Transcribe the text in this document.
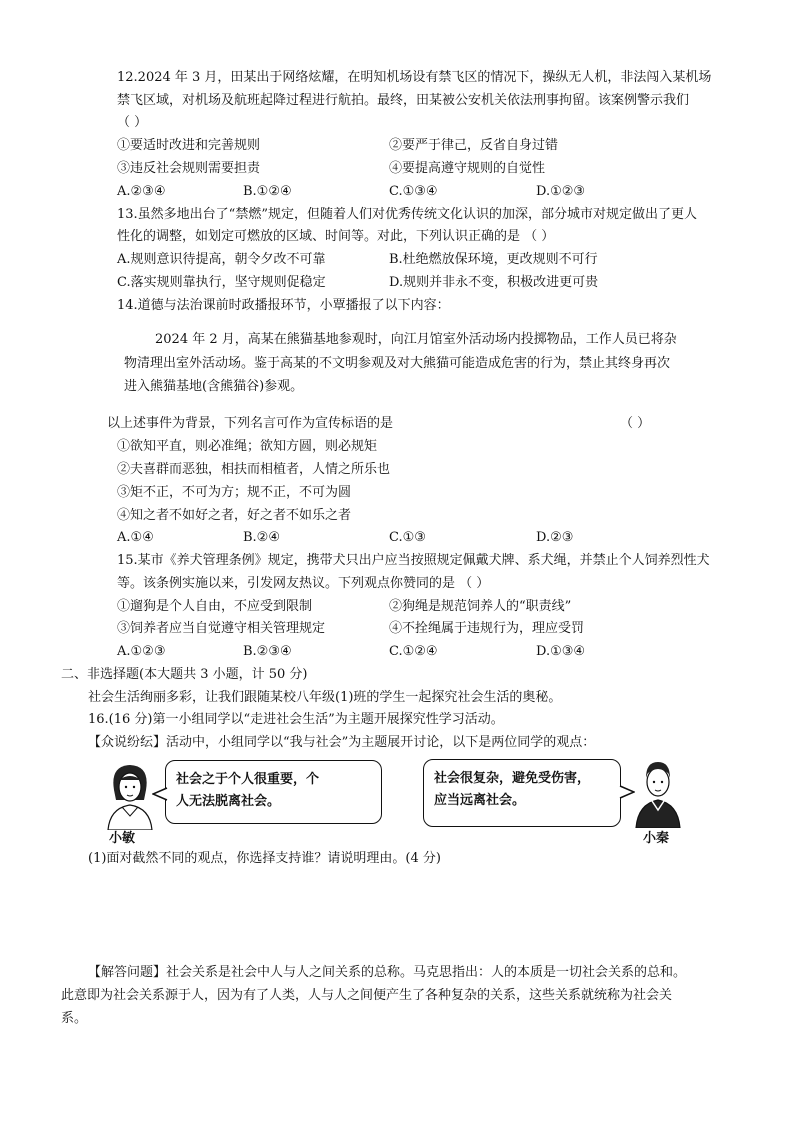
12.2024 年 3 月，田某出于网络炫耀，在明知机场设有禁飞区的情况下，操纵无人机，非法闯入某机场
禁飞区域，对机场及航班起降过程进行航拍。最终，田某被公安机关依法刑事拘留。该案例警示我们
（ ）
①要适时改进和完善规则	②要严于律己，反省自身过错
③违反社会规则需要担责	④要提高遵守规则的自觉性
A.②③④	B.①②④	C.①③④	D.①②③
13.虽然多地出台了“禁燃”规定，但随着人们对优秀传统文化认识的加深，部分城市对规定做出了更人
性化的调整，如划定可燃放的区域、时间等。对此，下列认识正确的是 （ ）
A.规则意识待提高，朝令夕改不可靠	B.杜绝燃放保环境，更改规则不可行
C.落实规则靠执行，坚守规则促稳定	D.规则并非永不变，积极改进更可贵
14.道德与法治课前时政播报环节，小覃播报了以下内容：
2024 年 2 月，高某在熊猫基地参观时，向江月馆室外活动场内投掷物品，工作人员已将杂
物清理出室外活动场。鉴于高某的不文明参观及对大熊猫可能造成危害的行为，禁止其终身再次
进入熊猫基地(含熊猫谷)参观。
以上述事件为背景，下列名言可作为宣传标语的是	（ ）
①欲知平直，则必准绳；欲知方圆，则必规矩
②夫喜群而恶独，相扶而相植者，人情之所乐也
③矩不正，不可为方；规不正，不可为圆
④知之者不如好之者，好之者不如乐之者
A.①④	B.②④	C.①③	D.②③
15.某市《养犬管理条例》规定，携带犬只出户应当按照规定佩戴犬牌、系犬绳，并禁止个人饲养烈性犬
等。该条例实施以来，引发网友热议。下列观点你赞同的是 （ ）
①遛狗是个人自由，不应受到限制	②狗绳是规范饲养人的“职责线”
③饲养者应当自觉遵守相关管理规定	④不拴绳属于违规行为，理应受罚
A.①②③	B.②③④	C.①②④	D.①③④
二、非选择题(本大题共 3 小题，计 50 分)
社会生活绚丽多彩，让我们跟随某校八年级(1)班的学生一起探究社会生活的奥秘。
16.(16 分)第一小组同学以“走进社会生活”为主题开展探究性学习活动。
【众说纷纭】活动中，小组同学以“我与社会”为主题展开讨论，以下是两位同学的观点：
小敏
社会之于个人很重要，个
人无法脱离社会。
社会很复杂，避免受伤害，
应当远离社会。
小秦
(1)面对截然不同的观点，你选择支持谁？请说明理由。(4 分)
【解答问题】社会关系是社会中人与人之间关系的总称。马克思指出：人的本质是一切社会关系的总和。
此意即为社会关系源于人，因为有了人类，人与人之间便产生了各种复杂的关系，这些关系就统称为社会关
系。
